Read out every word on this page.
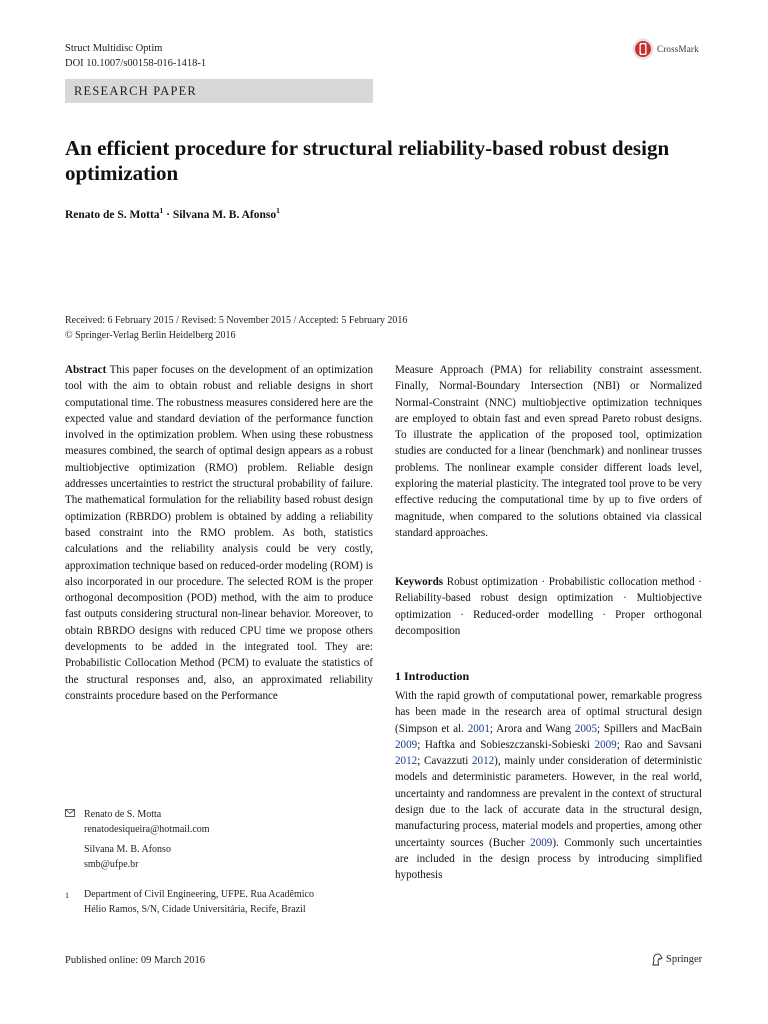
Struct Multidisc Optim
DOI 10.1007/s00158-016-1418-1
CrossMark
RESEARCH PAPER
An efficient procedure for structural reliability-based robust design optimization
Renato de S. Motta$^1$ · Silvana M. B. Afonso$^1$
Received: 6 February 2015 / Revised: 5 November 2015 / Accepted: 5 February 2016
© Springer-Verlag Berlin Heidelberg 2016
Abstract This paper focuses on the development of an optimization tool with the aim to obtain robust and reliable designs in short computational time. The robustness measures considered here are the expected value and standard deviation of the performance function involved in the optimization problem. When using these robustness measures combined, the search of optimal design appears as a robust multiobjective optimization (RMO) problem. Reliable design addresses uncertainties to restrict the structural probability of failure. The mathematical formulation for the reliability based robust design optimization (RBRDO) problem is obtained by adding a reliability based constraint into the RMO problem. As both, statistics calculations and the reliability analysis could be very costly, approximation technique based on reduced-order modeling (ROM) is also incorporated in our procedure. The selected ROM is the proper orthogonal decomposition (POD) method, with the aim to produce fast outputs considering structural non-linear behavior. Moreover, to obtain RBRDO designs with reduced CPU time we propose others developments to be added in the integrated tool. They are: Probabilistic Collocation Method (PCM) to evaluate the statistics of the structural responses and, also, an approximated reliability constraints procedure based on the Performance
Measure Approach (PMA) for reliability constraint assessment. Finally, Normal-Boundary Intersection (NBI) or Normalized Normal-Constraint (NNC) multiobjective optimization techniques are employed to obtain fast and even spread Pareto robust designs. To illustrate the application of the proposed tool, optimization studies are conducted for a linear (benchmark) and nonlinear trusses problems. The nonlinear example consider different loads level, exploring the material plasticity. The integrated tool prove to be very effective reducing the computational time by up to five orders of magnitude, when compared to the solutions obtained via classical standard approaches.
Keywords Robust optimization · Probabilistic collocation method · Reliability-based robust design optimization · Multiobjective optimization · Reduced-order modelling · Proper orthogonal decomposition
1 Introduction
With the rapid growth of computational power, remarkable progress has been made in the research area of optimal structural design (Simpson et al. 2001; Arora and Wang 2005; Spillers and MacBain 2009; Haftka and Sobieszczanski-Sobieski 2009; Rao and Savsani 2012; Cavazzuti 2012), mainly under consideration of deterministic models and deterministic parameters. However, in the real world, uncertainty and randomness are prevalent in the context of structural design due to the lack of accurate data in the structural design, manufacturing process, material models and properties, among other uncertainty sources (Bucher 2009). Commonly such uncertainties are included in the design process by introducing simplified hypothesis
Renato de S. Motta
renatodesiqueira@hotmail.com
Silvana M. B. Afonso
smb@ufpe.br
1	Department of Civil Engineering, UFPE. Rua Acadêmico
Hélio Ramos, S/N, Cidade Universitária, Recife, Brazil
Published online: 09 March 2016	Springer
